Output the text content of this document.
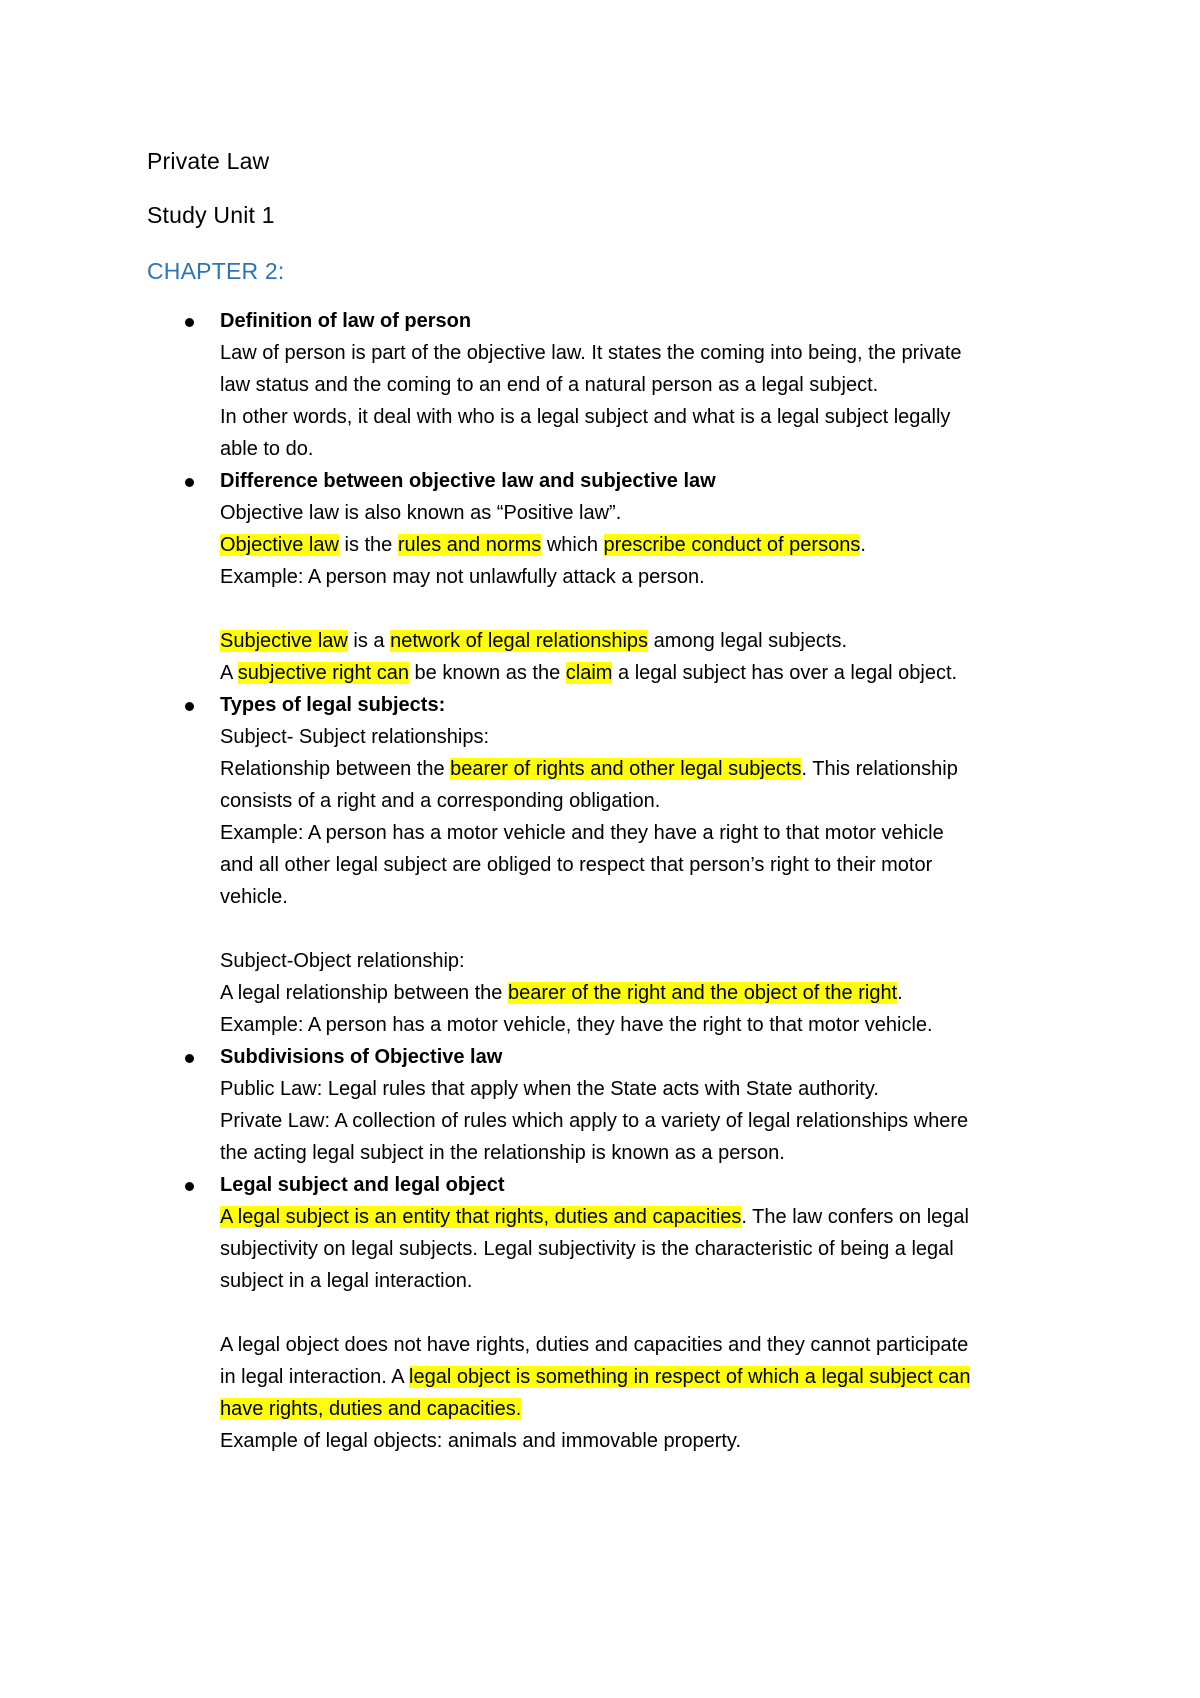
Private Law
Study Unit 1
CHAPTER 2:
Definition of law of person
Law of person is part of the objective law. It states the coming into being, the private
law status and the coming to an end of a natural person as a legal subject.
In other words, it deal with who is a legal subject and what is a legal subject legally
able to do.
Difference between objective law and subjective law
Objective law is also known as “Positive law”.
Objective law is the rules and norms which prescribe conduct of persons.
Example: A person may not unlawfully attack a person.
Subjective law is a network of legal relationships among legal subjects.
A subjective right can be known as the claim a legal subject has over a legal object.
Types of legal subjects:
Subject- Subject relationships:
Relationship between the bearer of rights and other legal subjects. This relationship
consists of a right and a corresponding obligation.
Example: A person has a motor vehicle and they have a right to that motor vehicle
and all other legal subject are obliged to respect that person’s right to their motor
vehicle.
Subject-Object relationship:
A legal relationship between the bearer of the right and the object of the right.
Example: A person has a motor vehicle, they have the right to that motor vehicle.
Subdivisions of Objective law
Public Law: Legal rules that apply when the State acts with State authority.
Private Law: A collection of rules which apply to a variety of legal relationships where
the acting legal subject in the relationship is known as a person.
Legal subject and legal object
A legal subject is an entity that rights, duties and capacities. The law confers on legal
subjectivity on legal subjects. Legal subjectivity is the characteristic of being a legal
subject in a legal interaction.
A legal object does not have rights, duties and capacities and they cannot participate
in legal interaction. A legal object is something in respect of which a legal subject can
have rights, duties and capacities.
Example of legal objects: animals and immovable property.
